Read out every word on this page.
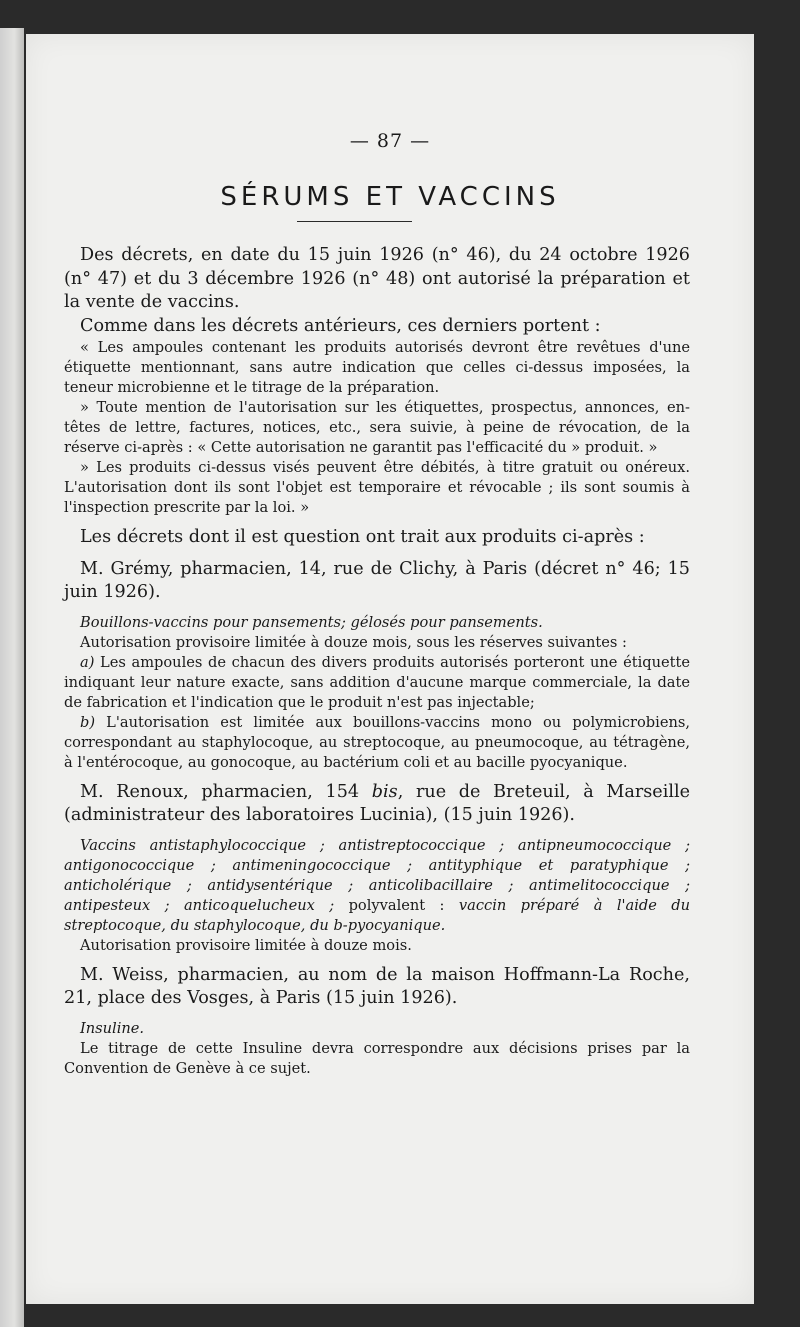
— 87 —
SÉRUMS ET VACCINS

Des décrets, en date du 15 juin 1926 (n° 46), du 24 octobre 1926 (n° 47) et du 3 décembre 1926 (n° 48) ont autorisé la préparation et la vente de vaccins.

Comme dans les décrets antérieurs, ces derniers portent :

« Les ampoules contenant les produits autorisés devront être revêtues d'une étiquette mentionnant, sans autre indication que celles ci-dessus imposées, la teneur microbienne et le titrage de la préparation.

» Toute mention de l'autorisation sur les étiquettes, prospectus, annonces, en-têtes de lettre, factures, notices, etc., sera suivie, à peine de révocation, de la réserve ci-après : « Cette autorisation ne garantit pas l'efficacité du » produit. »

» Les produits ci-dessus visés peuvent être débités, à titre gratuit ou onéreux. L'autorisation dont ils sont l'objet est temporaire et révocable ; ils sont soumis à l'inspection prescrite par la loi. »

Les décrets dont il est question ont trait aux produits ci-après :

M. Grémy, pharmacien, 14, rue de Clichy, à Paris (décret n° 46; 15 juin 1926).

Bouillons-vaccins pour pansements; gélosés pour pansements.

Autorisation provisoire limitée à douze mois, sous les réserves suivantes :

a) Les ampoules de chacun des divers produits autorisés porteront une étiquette indiquant leur nature exacte, sans addition d'aucune marque commerciale, la date de fabrication et l'indication que le produit n'est pas injectable;

b) L'autorisation est limitée aux bouillons-vaccins mono ou polymicrobiens, correspondant au staphylocoque, au streptocoque, au pneumocoque, au tétragène, à l'entérocoque, au gonocoque, au bactérium coli et au bacille pyocyanique.

M. Renoux, pharmacien, 154 bis, rue de Breteuil, à Marseille (administrateur des laboratoires Lucinia), (15 juin 1926).

Vaccins antistaphylococcique ; antistreptococcique ; antipneumococcique ; antigonococcique ; antimeningococcique ; antityphique et paratyphique ; anticholérique ; antidysentérique ; anticolibacillaire ; antimelitococcique ; antipesteux ; anticoquelucheux ; polyvalent : vaccin préparé à l'aide du streptocoque, du staphylocoque, du b-pyocyanique.

Autorisation provisoire limitée à douze mois.

M. Weiss, pharmacien, au nom de la maison Hoffmann-La Roche, 21, place des Vosges, à Paris (15 juin 1926).

Insuline.

Le titrage de cette Insuline devra correspondre aux décisions prises par la Convention de Genève à ce sujet.
